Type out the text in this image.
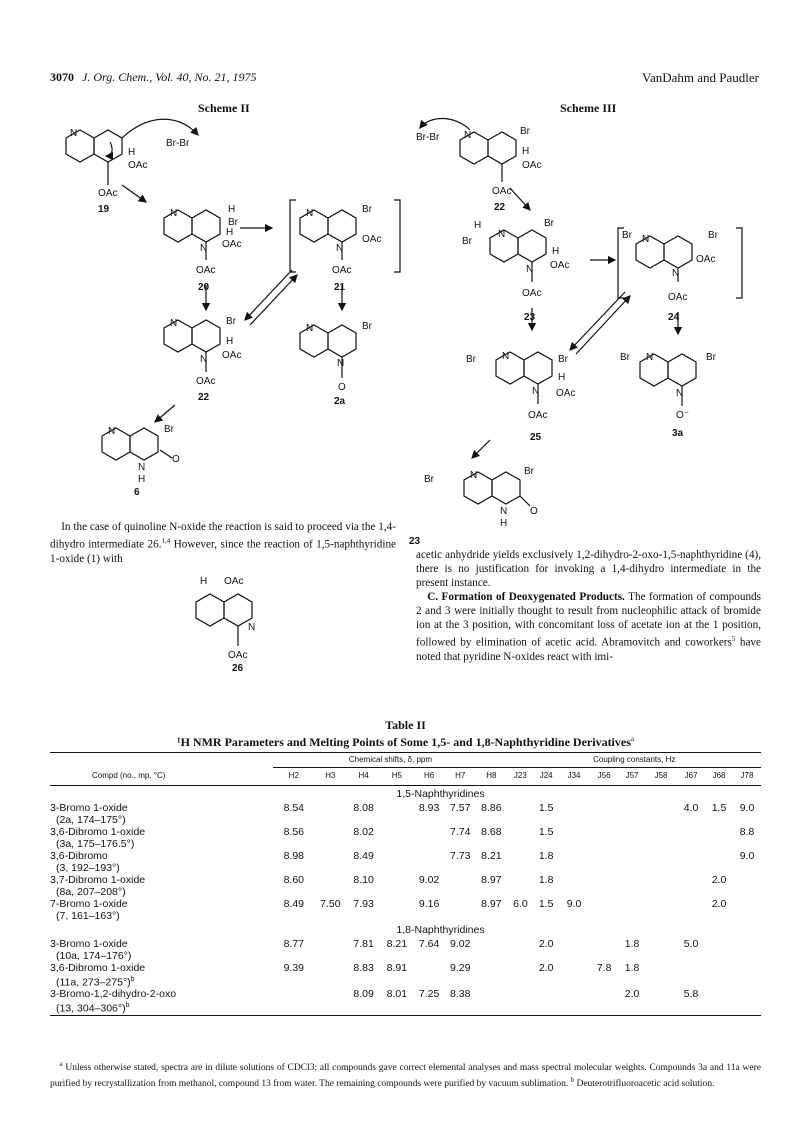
3070 J. Org. Chem., Vol. 40, No. 21, 1975	VanDahm and Paudler
Scheme II
N
H
OAc
OAc
Br-Br
N	H
Br
H
OAc
N
OAc
N	Br
OAc
N
OAc
N	Br
H
OAc
N
OAc
N	Br
N
O
N	Br
O
N
H
19
20	21
22	2a
6
Scheme III
Br-Br N	Br
H
OAc
OAc
H	Br
Br
N
H
OAc
N
OAc
Br N	Br
OAc
N
OAc
Br	N	Br
H
OAc
N
OAc
Br N	Br
N
O⁻
Br	N	Br
O
N
H
22
23	24
25	3a
 In the case of quinoline N-oxide the reaction is said to proceed via the 1,4-dihydro intermediate 26.$^{1,4}$ However, since the reaction of 1,5-naphthyridine 1-oxide (1) with
H OAc
N
OAc
26
23
acetic anhydride yields exclusively 1,2-dihydro-2-oxo-1,5-naphthyridine (4), there is no justification for invoking a 1,4-dihydro intermediate in the present instance.
 C. Formation of Deoxygenated Products. The formation of compounds 2 and 3 were initially thought to result from nucleophilic attack of bromide ion at the 3 position, with concomitant loss of acetate ion at the 1 position, followed by elimination of acetic acid. Abramovitch and coworkers$^5$ have noted that pyridine N-oxides react with imi-
Table II
¹H NMR Parameters and Melting Points of Some 1,5- and 1,8-Naphthyridine Derivatives$^a$
	Chemical shifts, δ, ppm							Coupling constants, Hz								
Compd (no., mp, °C)	H2	H3	H4	H5	H6	H7	H8	J23	J24	J34	J56	J57	J58	J67	J68	J78
1,5-Naphthyridines																
3-Bromo 1-oxide	8.54		8.08		8.93	7.57	8.86		1.5					4.0	1.5	9.0
(2a, 174–175°)																
3,6-Dibromo 1-oxide	8.56		8.02			7.74	8.68		1.5							8.8
(3a, 175–176.5°)																
3,6-Dibromo	8.98		8.49			7.73	8.21		1.8							9.0
(3, 192–193°)																
3,7-Dibromo 1-oxide	8.60		8.10		9.02		8.97		1.8						2.0	
(8a, 207–208°)																
7-Bromo 1-oxide	8.49	7.50	7.93		9.16		8.97	6.0	1.5	9.0					2.0	
(7, 161–163°)																
1,8-Naphthyridines																
3-Bromo 1-oxide	8.77		7.81	8.21	7.64	9.02			2.0			1.8		5.0		
(10a, 174–176°)																
3,6-Dibromo 1-oxide	9.39		8.83	8.91		9.29			2.0		7.8	1.8				
(11a, 273–275°)$^b$
3-Bromo-1,2-dihydro-2-oxo			8.09	8.01	7.25	8.38						2.0		5.8		
(13, 304–306°)$^b$
 $^a$ Unless otherwise stated, spectra are in dilute solutions of CDCl3; all compounds gave correct elemental analyses and mass spectral molecular weights. Compounds 3a and 11a were purified by recrystallization from methanol, compound 13 from water. The remaining compounds were purified by vacuum sublimation. $^b$ Deuterotrifluoroacetic acid solution.
